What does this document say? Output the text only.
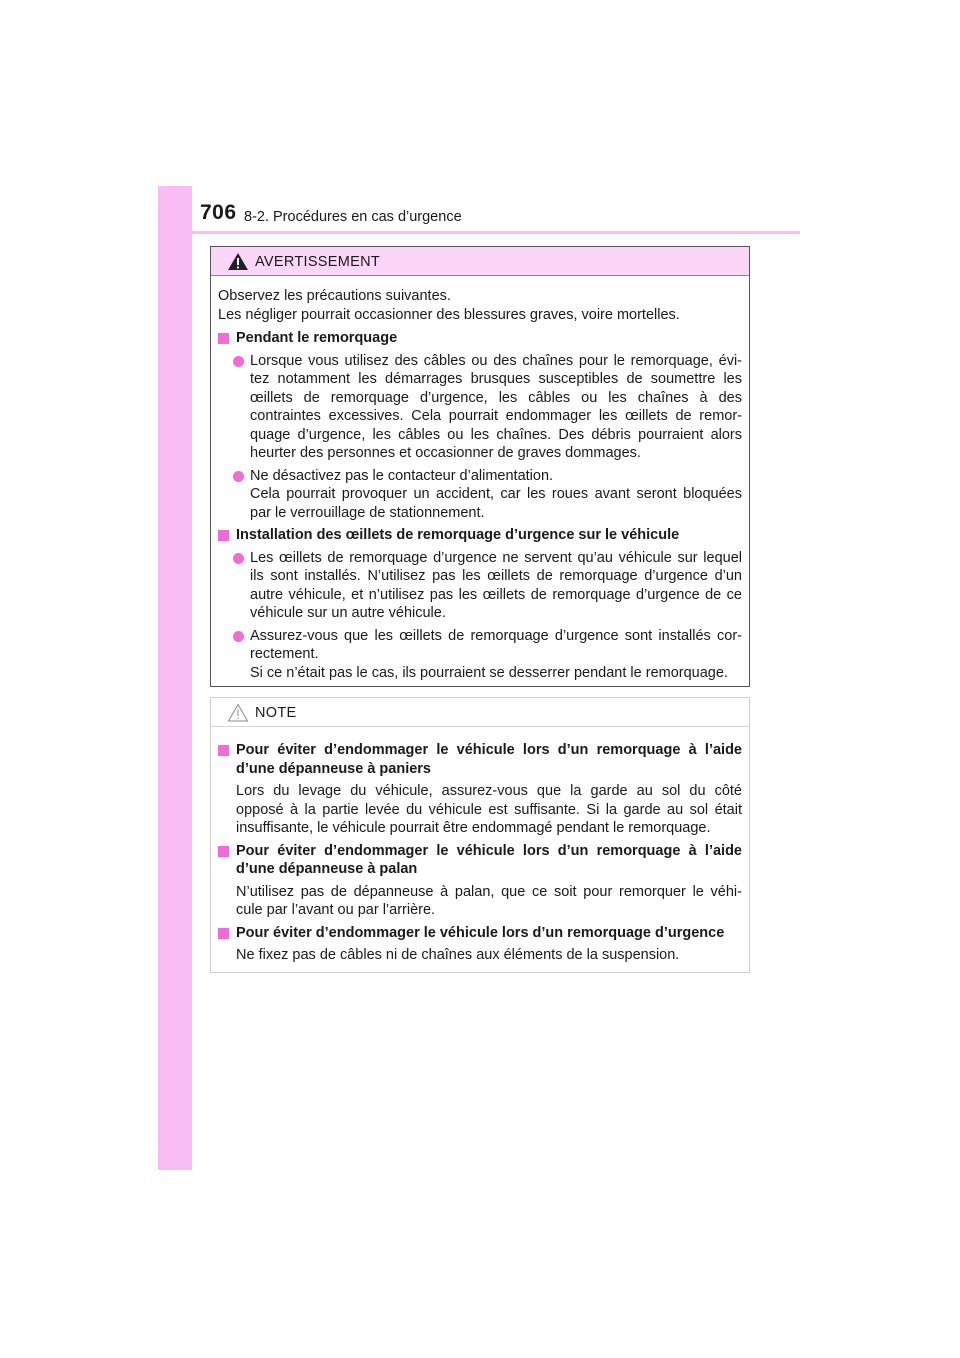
706 8-2. Procédures en cas d’urgence
AVERTISSEMENT
Observez les précautions suivantes.
Les négliger pourrait occasionner des blessures graves, voire mortelles.
Pendant le remorquage
Lorsque vous utilisez des câbles ou des chaînes pour le remorquage, évi-
tez notamment les démarrages brusques susceptibles de soumettre les
œillets de remorquage d’urgence, les câbles ou les chaînes à des
contraintes excessives. Cela pourrait endommager les œillets de remor-
quage d’urgence, les câbles ou les chaînes. Des débris pourraient alors
heurter des personnes et occasionner de graves dommages.
Ne désactivez pas le contacteur d’alimentation.
Cela pourrait provoquer un accident, car les roues avant seront bloquées
par le verrouillage de stationnement.
Installation des œillets de remorquage d’urgence sur le véhicule
Les œillets de remorquage d’urgence ne servent qu’au véhicule sur lequel
ils sont installés. N’utilisez pas les œillets de remorquage d’urgence d’un
autre véhicule, et n’utilisez pas les œillets de remorquage d’urgence de ce
véhicule sur un autre véhicule.
Assurez-vous que les œillets de remorquage d’urgence sont installés cor-
rectement.
Si ce n’était pas le cas, ils pourraient se desserrer pendant le remorquage.
NOTE
Pour éviter d’endommager le véhicule lors d’un remorquage à l’aide
d’une dépanneuse à paniers
Lors du levage du véhicule, assurez-vous que la garde au sol du côté
opposé à la partie levée du véhicule est suffisante. Si la garde au sol était
insuffisante, le véhicule pourrait être endommagé pendant le remorquage.
Pour éviter d’endommager le véhicule lors d’un remorquage à l’aide
d’une dépanneuse à palan
N’utilisez pas de dépanneuse à palan, que ce soit pour remorquer le véhi-
cule par l’avant ou par l’arrière.
Pour éviter d’endommager le véhicule lors d’un remorquage d’urgence
Ne fixez pas de câbles ni de chaînes aux éléments de la suspension.
